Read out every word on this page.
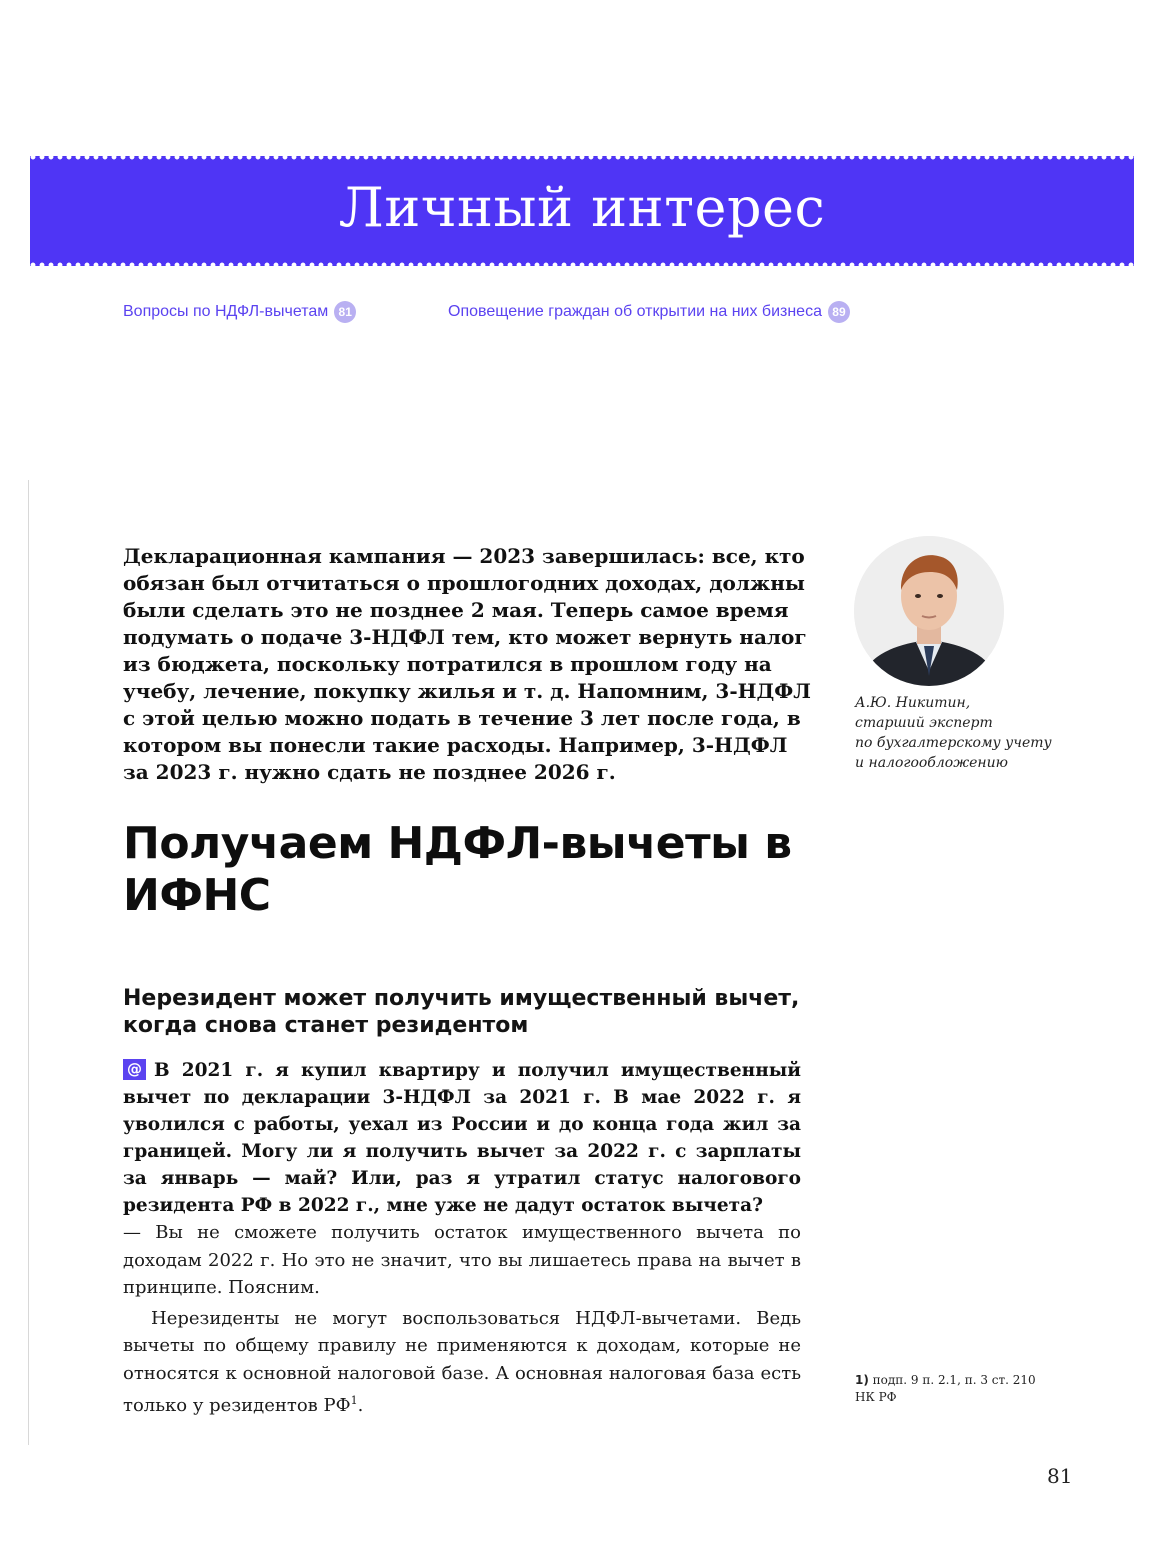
Личный интерес
Вопросы по НДФЛ-вычетам 81	Оповещение граждан об открытии на них бизнеса 89
Декларационная кампания — 2023 завершилась: все, кто обязан был отчитаться о прошлогодних доходах, должны были сделать это не позднее 2 мая. Теперь самое время подумать о подаче 3-НДФЛ тем, кто может вернуть налог из бюджета, поскольку потратился в прошлом году на учебу, лечение, покупку жилья и т. д. Напомним, 3-НДФЛ с этой целью можно подать в течение 3 лет после года, в котором вы понесли такие расходы. Например, 3-НДФЛ за 2023 г. нужно сдать не позднее 2026 г.
А.Ю. Никитин,
старший эксперт
по бухгалтерскому учету
и налогообложению
Получаем НДФЛ-вычеты в ИФНС
Нерезидент может получить имущественный вычет, когда снова станет резидентом
@ В 2021 г. я купил квартиру и получил имущественный вычет по декларации 3-НДФЛ за 2021 г. В мае 2022 г. я уволился с работы, уехал из России и до конца года жил за границей. Могу ли я получить вычет за 2022 г. с зарплаты за январь — май? Или, раз я утратил статус налогового резидента РФ в 2022 г., мне уже не дадут остаток вычета?

— Вы не сможете получить остаток имущественного вычета по доходам 2022 г. Но это не значит, что вы лишаетесь права на вычет в принципе. Поясним.

Нерезиденты не могут воспользоваться НДФЛ-вычетами. Ведь вычеты по общему правилу не применяются к доходам, которые не относятся к основной налоговой базе. А основная налоговая база есть только у резидентов $РФ^1$.

1) подп. 9 п. 2.1, п. 3 ст. 210 НК РФ
81
